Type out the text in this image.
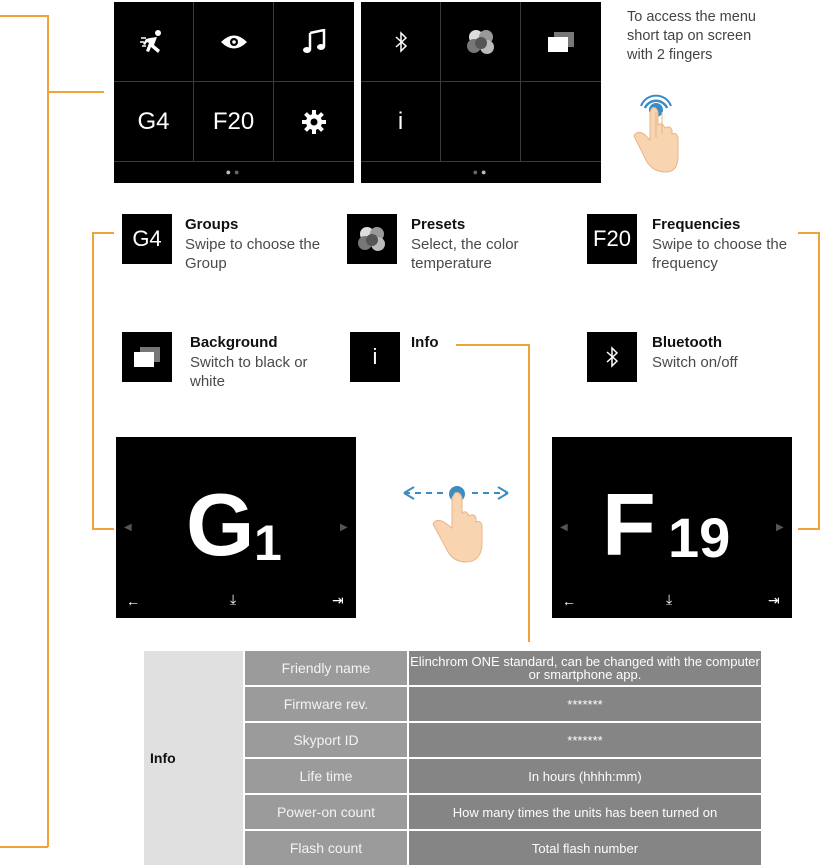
G4	F20
●●
i
●●
To access the menu
short tap on screen
with 2 fingers
G4
Groups
Swipe to choose the Group
Presets
Select, the color temperature
F20
Frequencies
Swipe to choose the frequency
Background
Switch to black or white
i
Info	Bluetooth
Switch on/off
G 1
◀	▶
←	⤓	⇥
F 19
◀	▶
←	⤓	⇥
Info	Friendly name	Elinchrom ONE standard, can be changed with the computer or smartphone app.
	Firmware rev.	*******
	Skyport ID	*******
	Life time	In hours (hhhh:mm)
	Power-on count	How many times the units has been turned on
	Flash count	Total flash number
